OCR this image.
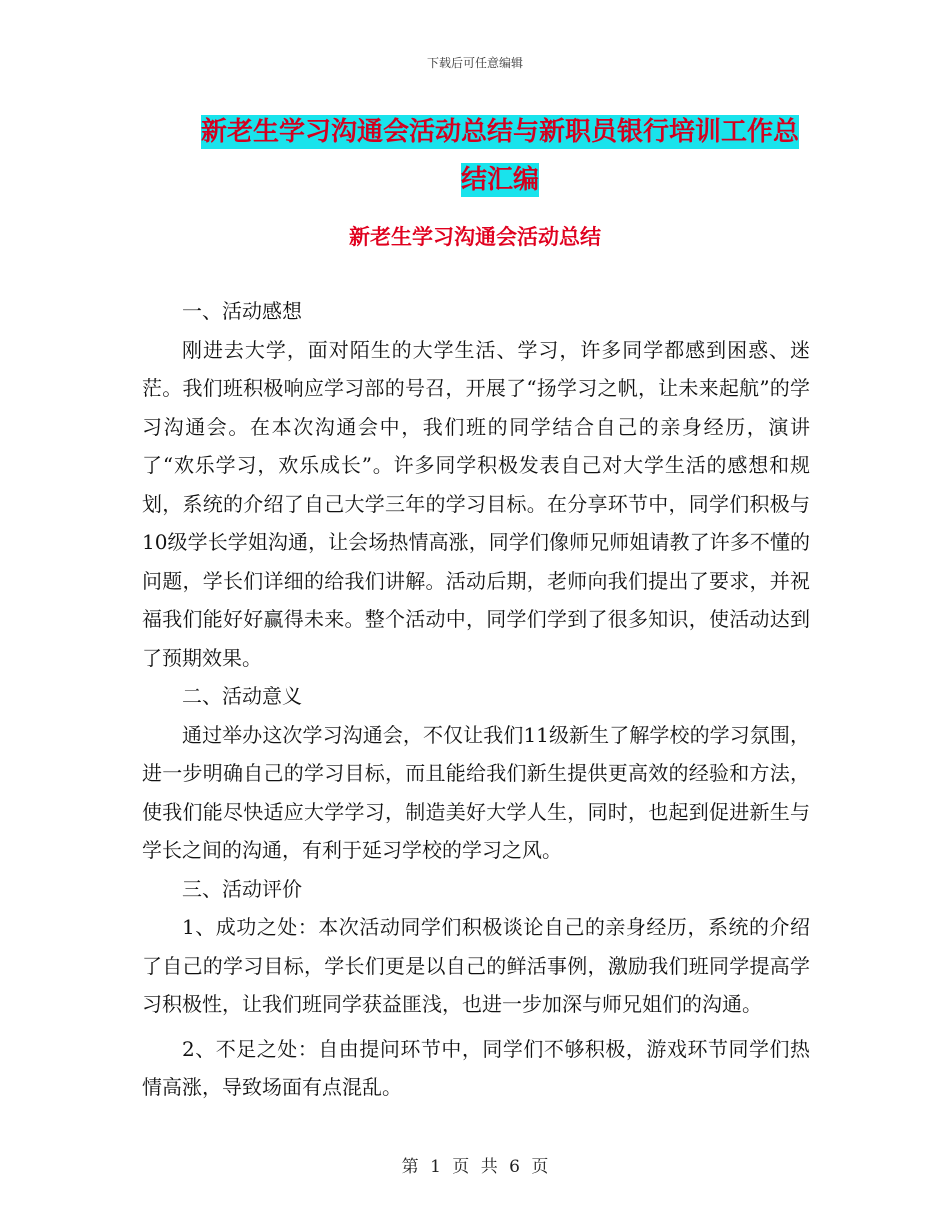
下载后可任意编辑
新老生学习沟通会活动总结与新职员银行培训工作总
结汇编
新老生学习沟通会活动总结

一、活动感想

刚进去大学，面对陌生的大学生活、学习，许多同学都感到困惑、迷茫。我们班积极响应学习部的号召，开展了“扬学习之帆，让未来起航”的学习沟通会。在本次沟通会中，我们班的同学结合自己的亲身经历，演讲了“欢乐学习，欢乐成长”。许多同学积极发表自己对大学生活的感想和规划，系统的介绍了自己大学三年的学习目标。在分享环节中，同学们积极与10级学长学姐沟通，让会场热情高涨，同学们像师兄师姐请教了许多不懂的问题，学长们详细的给我们讲解。活动后期，老师向我们提出了要求，并祝福我们能好好赢得未来。整个活动中，同学们学到了很多知识，使活动达到了预期效果。

二、活动意义

通过举办这次学习沟通会，不仅让我们11级新生了解学校的学习氛围，进一步明确自己的学习目标，而且能给我们新生提供更高效的经验和方法，使我们能尽快适应大学学习，制造美好大学人生，同时，也起到促进新生与学长之间的沟通，有利于延习学校的学习之风。

三、活动评价

1、成功之处：本次活动同学们积极谈论自己的亲身经历，系统的介绍了自己的学习目标，学长们更是以自己的鲜活事例，激励我们班同学提高学习积极性，让我们班同学获益匪浅，也进一步加深与师兄姐们的沟通。

2、不足之处：自由提问环节中，同学们不够积极，游戏环节同学们热情高涨，导致场面有点混乱。

第 1 页 共 6 页
